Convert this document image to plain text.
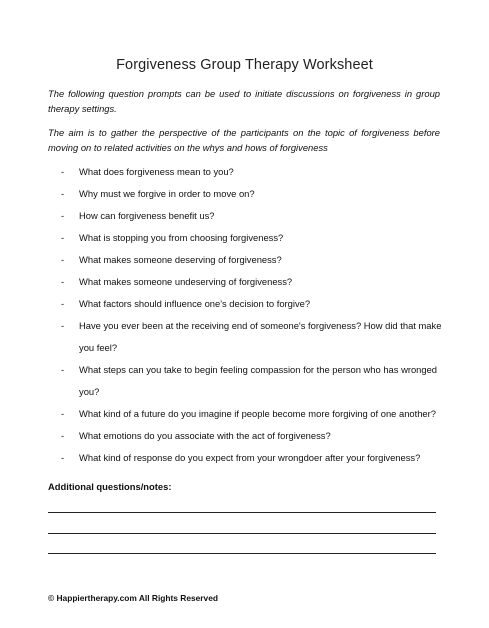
Forgiveness Group Therapy Worksheet
The following question prompts can be used to initiate discussions on forgiveness in group therapy settings.
The aim is to gather the perspective of the participants on the topic of forgiveness before moving on to related activities on the whys and hows of forgiveness
- What does forgiveness mean to you?
- Why must we forgive in order to move on?
- How can forgiveness benefit us?
- What is stopping you from choosing forgiveness?
- What makes someone deserving of forgiveness?
- What makes someone undeserving of forgiveness?
- What factors should influence one's decision to forgive?
- Have you ever been at the receiving end of someone's forgiveness? How did that make you feel?
- What steps can you take to begin feeling compassion for the person who has wronged you?
- What kind of a future do you imagine if people become more forgiving of one another?
- What emotions do you associate with the act of forgiveness?
- What kind of response do you expect from your wrongdoer after your forgiveness?
Additional questions/notes:
© Happiertherapy.com All Rights Reserved
